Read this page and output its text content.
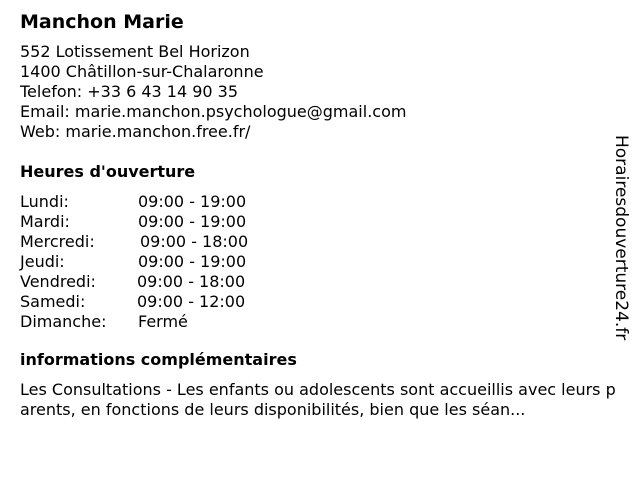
Manchon Marie
552 Lotissement Bel Horizon
1400 Châtillon-sur-Chalaronne
Telefon: +33 6 43 14 90 35
Email: marie.manchon.psychologue@gmail.com
Web: marie.manchon.free.fr/
Heures d'ouverture
Lundi:	09:00 - 19:00
Mardi:	09:00 - 19:00
Mercredi:	09:00 - 18:00
Jeudi:	09:00 - 19:00
Vendredi:	09:00 - 18:00
Samedi:	09:00 - 12:00
Dimanche: Fermé
informations complémentaires
Les Consultations - Les enfants ou adolescents sont accueillis avec leurs parents, en fonctions de leurs disponibilités, bien que les séan...
Horairesdouverture24.fr
